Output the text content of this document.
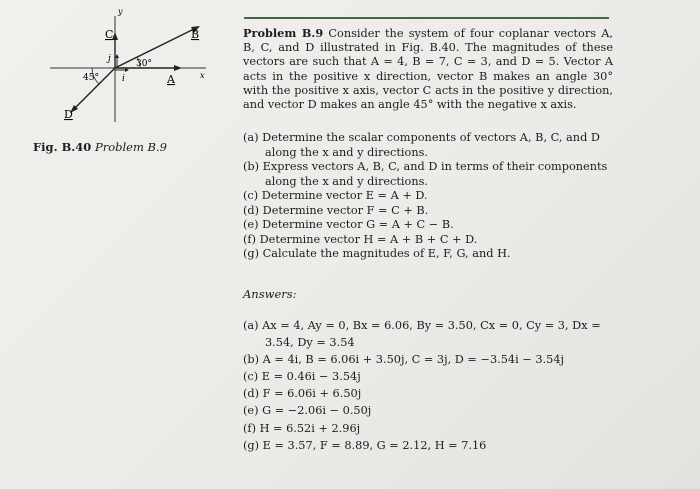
y
x
C	B
A
D
j
i
30°
45°
Fig. B.40 Problem B.9
Problem B.9 Consider the system of four coplanar vectors A, B, C, and D illustrated in Fig. B.40. The magnitudes of these vectors are such that A = 4, B = 7, C = 3, and D = 5. Vector A acts in the positive x direction, vector B makes an angle 30° with the positive x axis, vector C acts in the positive y direction, and vector D makes an angle 45° with the negative x axis.
(a) Determine the scalar components of vectors A, B, C, and D
along the x and y directions.
(b) Express vectors A, B, C, and D in terms of their components
along the x and y directions.
(c) Determine vector E = A + D.
(d) Determine vector F = C + B.
(e) Determine vector G = A + C − B.
(f) Determine vector H = A + B + C + D.
(g) Calculate the magnitudes of E, F, G, and H.
Answers:
(a) Ax = 4, Ay = 0, Bx = 6.06, By = 3.50, Cx = 0, Cy = 3, Dx =
3.54, Dy = 3.54
(b) A = 4i, B = 6.06i + 3.50j, C = 3j, D = −3.54i − 3.54j
(c) E = 0.46i − 3.54j
(d) F = 6.06i + 6.50j
(e) G = −2.06i − 0.50j
(f) H = 6.52i + 2.96j
(g) E = 3.57, F = 8.89, G = 2.12, H = 7.16
